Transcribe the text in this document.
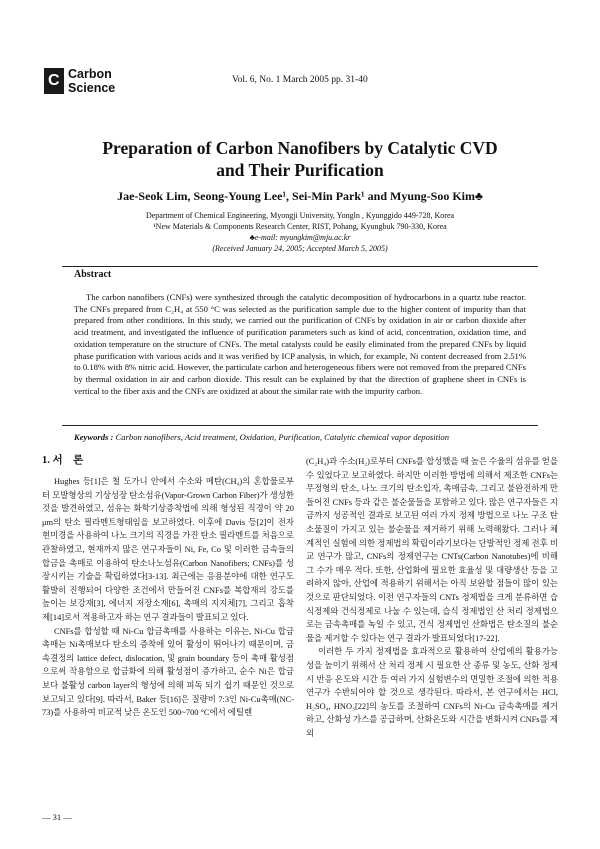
C Carbon
Science
Vol. 6, No. 1 March 2005 pp. 31-40
Preparation of Carbon Nanofibers by Catalytic CVD
and Their Purification
Jae-Seok Lim, Seong-Young Lee¹, Sei-Min Park¹ and Myung-Soo Kim♣
Department of Chemical Engineering, Myongji University, Yongln , Kyunggido 449-728, Korea
¹New Materials & Components Research Center, RIST, Pohang, Kyungbuk 790-330, Korea
♣e-mail: myungkim@mju.ac.kr
(Received January 24, 2005; Accepted March 5, 2005)
Abstract

The carbon nanofibers (CNFs) were synthesized through the catalytic decomposition of hydrocarbons in a quartz tube reactor. The CNFs prepared from C₂H₄ at 550 °C was selected as the purification sample due to the higher content of impurity than that prepared from other conditions. In this study, we carried out the purification of CNFs by oxidation in air or carbon dioxide after acid treatment, and investigated the influence of purification parameters such as kind of acid, concentration, oxidation time, and oxidation temperature on the structure of CNFs. The metal catalysts could be easily eliminated from the prepared CNFs by liquid phase purification with various acids and it was verified by ICP analysis, in which, for example, Ni content decreased from 2.51% to 0.18% with 8% nitric acid. However, the particulate carbon and heterogeneous fibers were not removed from the prepared CNFs by thermal oxidation in air and carbon dioxide. This result can be explained by that the direction of graphene sheet in CNFs is vertical to the fiber axis and the CNFs are oxidized at about the similar rate with the impurity carbon.

Keywords : Carbon nanofibers, Acid treatment, Oxidation, Purification, Catalytic chemical vapor deposition
1. 서　론

Hughes 등[1]은 철 도가니 안에서 수소와 메탄(CH₄)의 혼합물로부터 모발형상의 기상성장 탄소섬유(Vapor-Grown Carbon Fiber)가 생성한 것을 발견하였고, 섬유는 화학기상증착법에 의해 형성된 직경이 약 20 μm의 탄소 필라멘트형태임을 보고하였다. 이후에 Davis 등[2]이 전자 현미경을 사용하여 나노 크기의 직경을 가진 탄소 필라멘트를 처음으로 관찰하였고, 현재까지 많은 연구자들이 Ni, Fe, Co 및 이러한 금속들의 합금을 촉매로 이용하여 탄소나노섬유(Carbon Nanofibers; CNFs)를 성장시키는 기술을 확립하였다[3-13]. 최근에는 응용분야에 대한 연구도 활발히 진행되어 다양한 조건에서 만들어진 CNFs를 복합재의 강도를 높이는 보강재[3], 에너지 저장소재[6], 촉매의 지지체[7], 그리고 흡착제[14]로서 적용하고자 하는 연구 결과들이 발표되고 있다.

CNFs를 합성할 때 Ni-Cu 합금촉매를 사용하는 이유는, Ni-Cu 합금촉매는 Ni촉매보다 탄소의 증착에 있어 활성이 뛰어나기 때문이며, 금속결정의 lattice defect, dislocation, 및 grain boundary 등이 촉매 활성점으로써 작용함으로 합금화에 의해 활성점이 증가하고, 순수 Ni은 합금보다 불활성 carbon layer의 형성에 의해 피독 되기 쉽기 때문인 것으로 보고되고 있다[9]. 따라서, Baker 등[16]은 질량비 7:3인 Ni-Cu촉매(NC-73)를 사용하여 비교적 낮은 온도인 500~700 °C에서 에틸렌

(C₂H₄)과 수소(H₂)로부터 CNFs를 합성했을 때 높은 수율의 섬유를 얻을 수 있었다고 보고하였다. 하지만 이러한 방법에 의해서 제조한 CNFs는 무정형의 탄소, 나노 크기의 탄소입자, 촉매금속, 그리고 불완전하게 만들어진 CNFs 등과 같은 불순물들을 포함하고 있다. 많은 연구자들은 지금까지 성공적인 결과로 보고된 여러 가지 정제 방법으로 나노 구조 탄소물질이 가지고 있는 불순물을 제거하기 위해 노력해왔다. 그러나 체계적인 실험에 의한 정제법의 확립이라기보다는 단발적인 정제 전후 비교 연구가 많고, CNFs의 정제연구는 CNTs(Carbon Nanotubes)에 비해 그 수가 매우 적다. 또한, 산업화에 필요한 효율성 및 대량생산 등을 고려하지 않아, 산업에 적용하기 위해서는 아직 보완할 점들이 많이 있는 것으로 판단되었다. 이전 연구자들의 CNTs 정제법을 크게 분류하면 습식정제와 건식정제로 나눌 수 있는데, 습식 정제법인 산 처리 정제법으로는 금속촉매를 녹일 수 있고, 건식 정제법인 산화법은 탄소질의 불순물을 제거할 수 있다는 연구 결과가 발표되었다[17-22].

이러한 두 가지 정제법을 효과적으로 활용하여 산업에의 활용가능성을 높이기 위해서 산 처리 정제 시 필요한 산 종류 및 농도, 산화 정제시 반응 온도와 시간 등 여러 가지 실험변수의 면밀한 조절에 의한 적용연구가 수반되어야 할 것으로 생각된다. 따라서, 본 연구에서는 HCl, H₂SO₄, HNO₃[22]의 농도를 조절하여 CNFs의 Ni-Cu 금속촉매를 제거하고, 산화성 가스를 공급하며, 산화온도와 시간을 변화시켜 CNFs를 제외

— 31 —
